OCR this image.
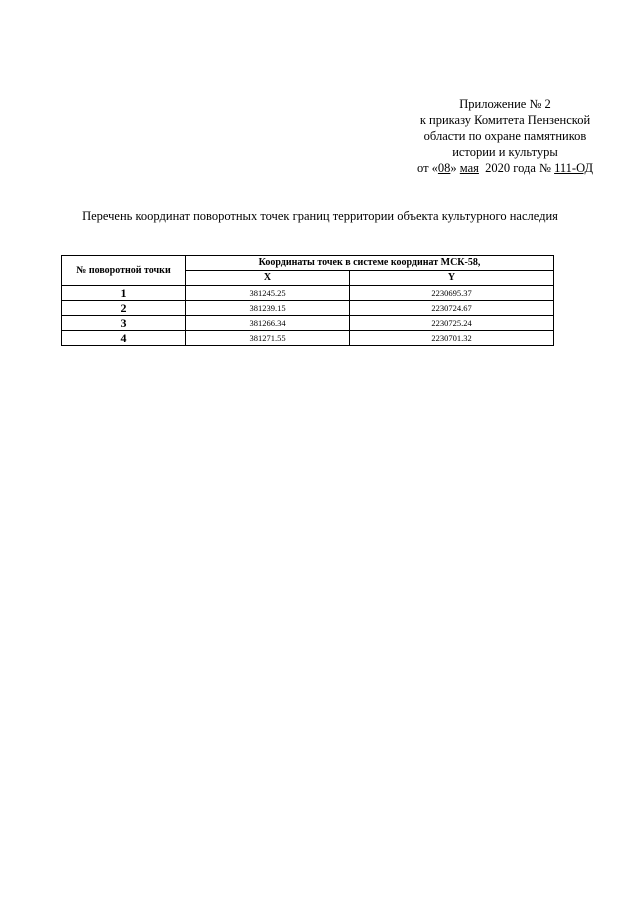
Приложение № 2
к приказу Комитета Пензенской
области по охране памятников
истории и культуры
от «08» мая  2020 года № 111-ОД
Перечень координат поворотных точек границ территории объекта культурного наследия
№ поворотной точки	Координаты точек в системе координат МСК-58,	
	X	Y
1	381245.25	2230695.37
2	381239.15	2230724.67
3	381266.34	2230725.24
4	381271.55	2230701.32
